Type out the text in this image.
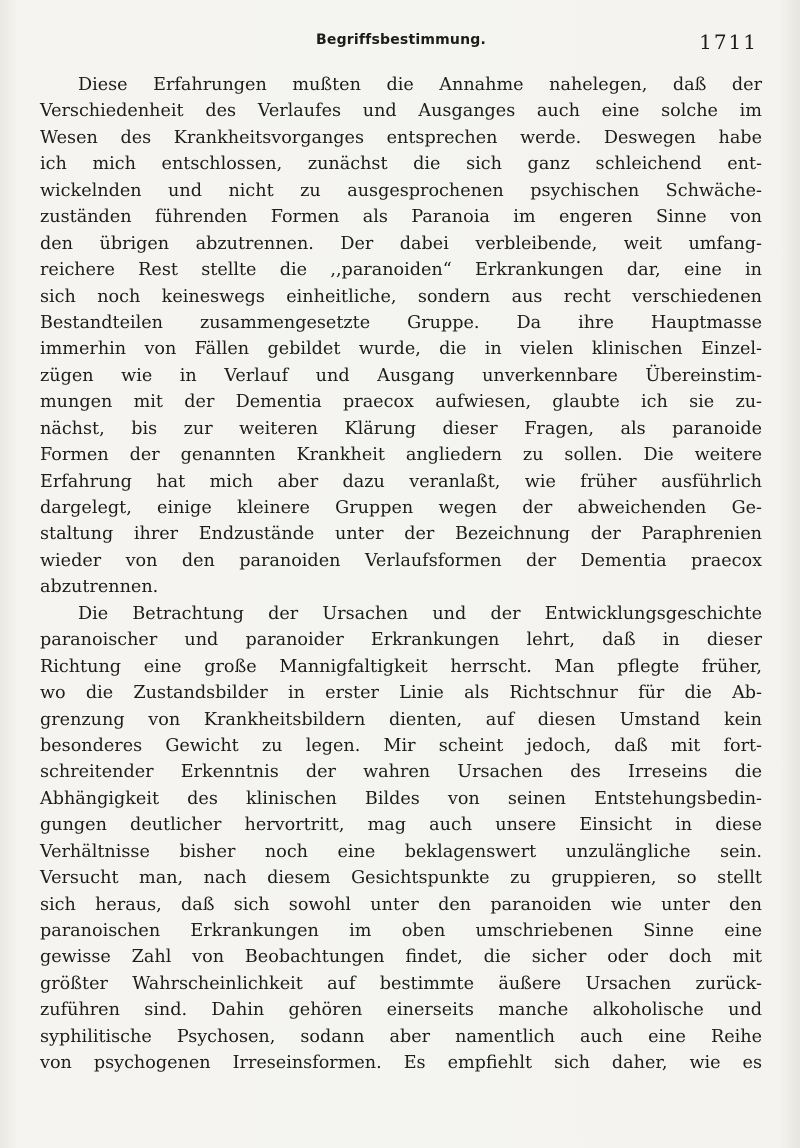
Begriffsbestimmung.	1711
Diese Erfahrungen mußten die Annahme nahelegen, daß der
Verschiedenheit des Verlaufes und Ausganges auch eine solche im
Wesen des Krankheitsvorganges entsprechen werde. Deswegen habe
ich mich entschlossen, zunächst die sich ganz schleichend ent-
wickelnden und nicht zu ausgesprochenen psychischen Schwäche-
zuständen führenden Formen als Paranoia im engeren Sinne von
den übrigen abzutrennen. Der dabei verbleibende, weit umfang-
reichere Rest stellte die ,,paranoiden“ Erkrankungen dar, eine in
sich noch keineswegs einheitliche, sondern aus recht verschiedenen
Bestandteilen zusammengesetzte Gruppe. Da ihre Hauptmasse
immerhin von Fällen gebildet wurde, die in vielen klinischen Einzel-
zügen wie in Verlauf und Ausgang unverkennbare Übereinstim-
mungen mit der Dementia praecox aufwiesen, glaubte ich sie zu-
nächst, bis zur weiteren Klärung dieser Fragen, als paranoide
Formen der genannten Krankheit angliedern zu sollen. Die weitere
Erfahrung hat mich aber dazu veranlaßt, wie früher ausführlich
dargelegt, einige kleinere Gruppen wegen der abweichenden Ge-
staltung ihrer Endzustände unter der Bezeichnung der Paraphrenien
wieder von den paranoiden Verlaufsformen der Dementia praecox
abzutrennen.
Die Betrachtung der Ursachen und der Entwicklungsgeschichte
paranoischer und paranoider Erkrankungen lehrt, daß in dieser
Richtung eine große Mannigfaltigkeit herrscht. Man pflegte früher,
wo die Zustandsbilder in erster Linie als Richtschnur für die Ab-
grenzung von Krankheitsbildern dienten, auf diesen Umstand kein
besonderes Gewicht zu legen. Mir scheint jedoch, daß mit fort-
schreitender Erkenntnis der wahren Ursachen des Irreseins die
Abhängigkeit des klinischen Bildes von seinen Entstehungsbedin-
gungen deutlicher hervortritt, mag auch unsere Einsicht in diese
Verhältnisse bisher noch eine beklagenswert unzulängliche sein.
Versucht man, nach diesem Gesichtspunkte zu gruppieren, so stellt
sich heraus, daß sich sowohl unter den paranoiden wie unter den
paranoischen Erkrankungen im oben umschriebenen Sinne eine
gewisse Zahl von Beobachtungen findet, die sicher oder doch mit
größter Wahrscheinlichkeit auf bestimmte äußere Ursachen zurück-
zuführen sind. Dahin gehören einerseits manche alkoholische und
syphilitische Psychosen, sodann aber namentlich auch eine Reihe
von psychogenen Irreseinsformen. Es empfiehlt sich daher, wie es
